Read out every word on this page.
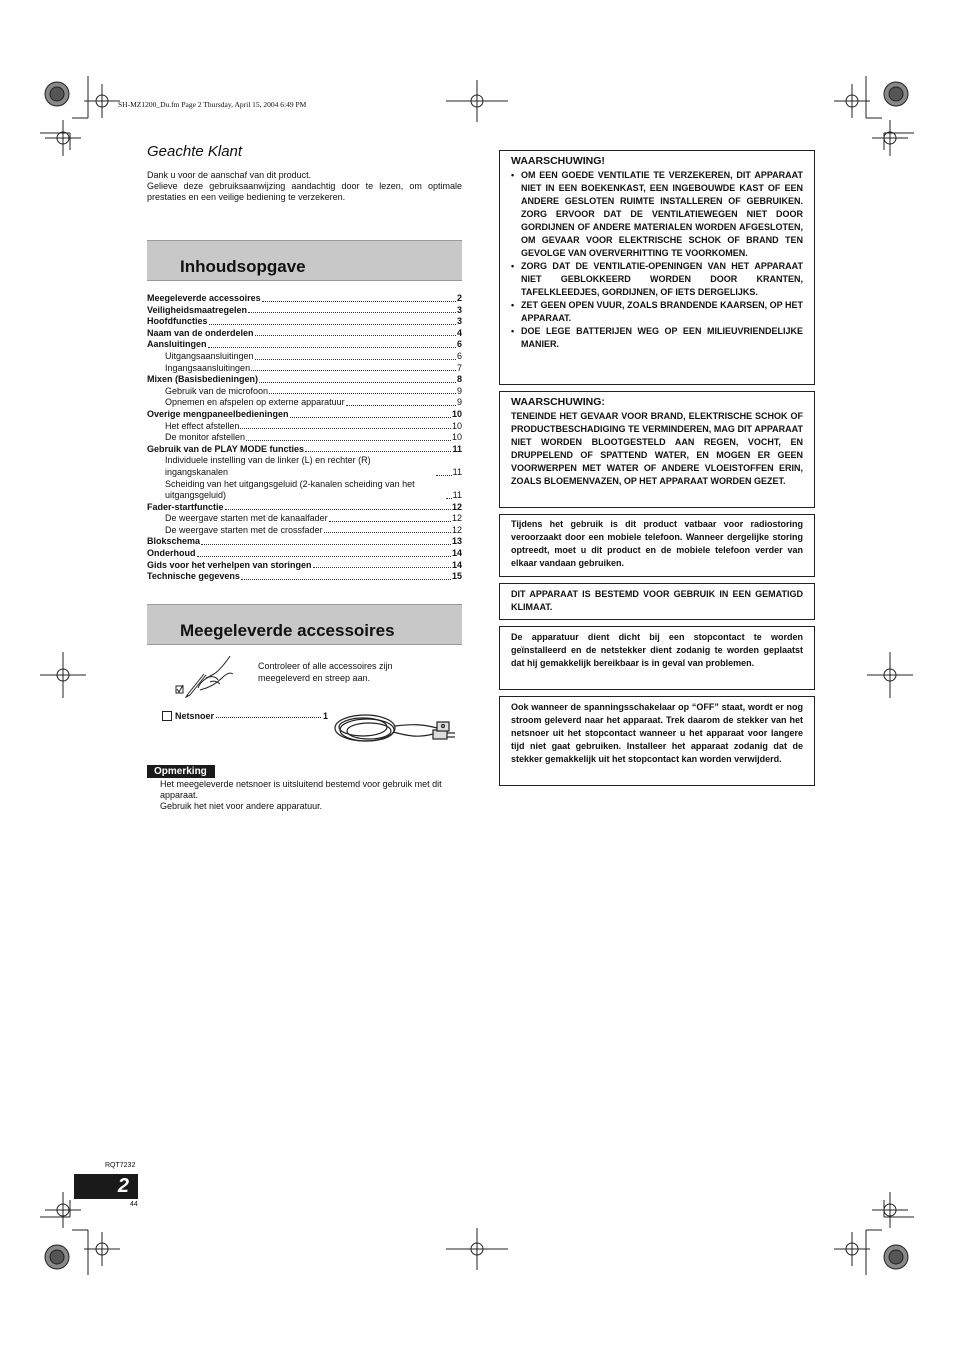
SH-MZ1200_Du.fm Page 2 Thursday, April 15, 2004 6:49 PM
Geachte Klant

Dank u voor de aanschaf van dit product.

Gelieve deze gebruiksaanwijzing aandachtig door te lezen, om optimale prestaties en een veilige bediening te verzekeren.

Inhoudsopgave
Meegeleverde accessoires	2
Veiligheidsmaatregelen	3
Hoofdfuncties	3
Naam van de onderdelen	4
Aansluitingen	6
Uitgangsaansluitingen	6
Ingangsaansluitingen	7
Mixen (Basisbedieningen)	8
Gebruik van de microfoon	9
Opnemen en afspelen op externe apparatuur	9
Overige mengpaneelbedieningen	10
Het effect afstellen	10
De monitor afstellen	10
Gebruik van de PLAY MODE functies	11
Individuele instelling van de linker (L) en rechter (R) ingangskanalen	11
Scheiding van het uitgangsgeluid (2-kanalen scheiding van het uitgangsgeluid)	11
Fader-startfunctie	12
De weergave starten met de kanaalfader	12
De weergave starten met de crossfader	12
Blokschema	13
Onderhoud	14
Gids voor het verhelpen van storingen	14
Technische gegevens	15
Meegeleverde accessoires
Controleer of alle accessoires zijn meegeleverd en streep aan.
Netsnoer	1
Opmerking

Het meegeleverde netsnoer is uitsluitend bestemd voor gebruik met dit apparaat.

Gebruik het niet voor andere apparatuur.

WAARSCHUWING!
• OM EEN GOEDE VENTILATIE TE VERZEKEREN, DIT APPARAAT NIET IN EEN BOEKENKAST, EEN INGEBOUWDE KAST OF EEN ANDERE GESLOTEN RUIMTE INSTALLEREN OF GEBRUIKEN. ZORG ERVOOR DAT DE VENTILATIEWEGEN NIET DOOR GORDIJNEN OF ANDERE MATERIALEN WORDEN AFGESLOTEN, OM GEVAAR VOOR ELEKTRISCHE SCHOK OF BRAND TEN GEVOLGE VAN OVERVERHITTING TE VOORKOMEN.
• ZORG DAT DE VENTILATIE-OPENINGEN VAN HET APPARAAT NIET GEBLOKKEERD WORDEN DOOR KRANTEN, TAFELKLEEDJES, GORDIJNEN, OF IETS DERGELIJKS.
• ZET GEEN OPEN VUUR, ZOALS BRANDENDE KAARSEN, OP HET APPARAAT.
• DOE LEGE BATTERIJEN WEG OP EEN MILIEUVRIENDELIJKE MANIER.
WAARSCHUWING:

TENEINDE HET GEVAAR VOOR BRAND, ELEKTRISCHE SCHOK OF PRODUCTBESCHADIGING TE VERMINDEREN, MAG DIT APPARAAT NIET WORDEN BLOOTGESTELD AAN REGEN, VOCHT, EN DRUPPELEND OF SPATTEND WATER, EN MOGEN ER GEEN VOORWERPEN MET WATER OF ANDERE VLOEISTOFFEN ERIN, ZOALS BLOEMENVAZEN, OP HET APPARAAT WORDEN GEZET.

Tijdens het gebruik is dit product vatbaar voor radiostoring veroorzaakt door een mobiele telefoon. Wanneer dergelijke storing optreedt, moet u dit product en de mobiele telefoon verder van elkaar vandaan gebruiken.

DIT APPARAAT IS BESTEMD VOOR GEBRUIK IN EEN GEMATIGD KLIMAAT.

De apparatuur dient dicht bij een stopcontact te worden geïnstalleerd en de netstekker dient zodanig te worden geplaatst dat hij gemakkelijk bereikbaar is in geval van problemen.

Ook wanneer de spanningsschakelaar op “OFF” staat, wordt er nog stroom geleverd naar het apparaat. Trek daarom de stekker van het netsnoer uit het stopcontact wanneer u het apparaat voor langere tijd niet gaat gebruiken. Installeer het apparaat zodanig dat de stekker gemakkelijk uit het stopcontact kan worden verwijderd.

RQT7232
2
44
